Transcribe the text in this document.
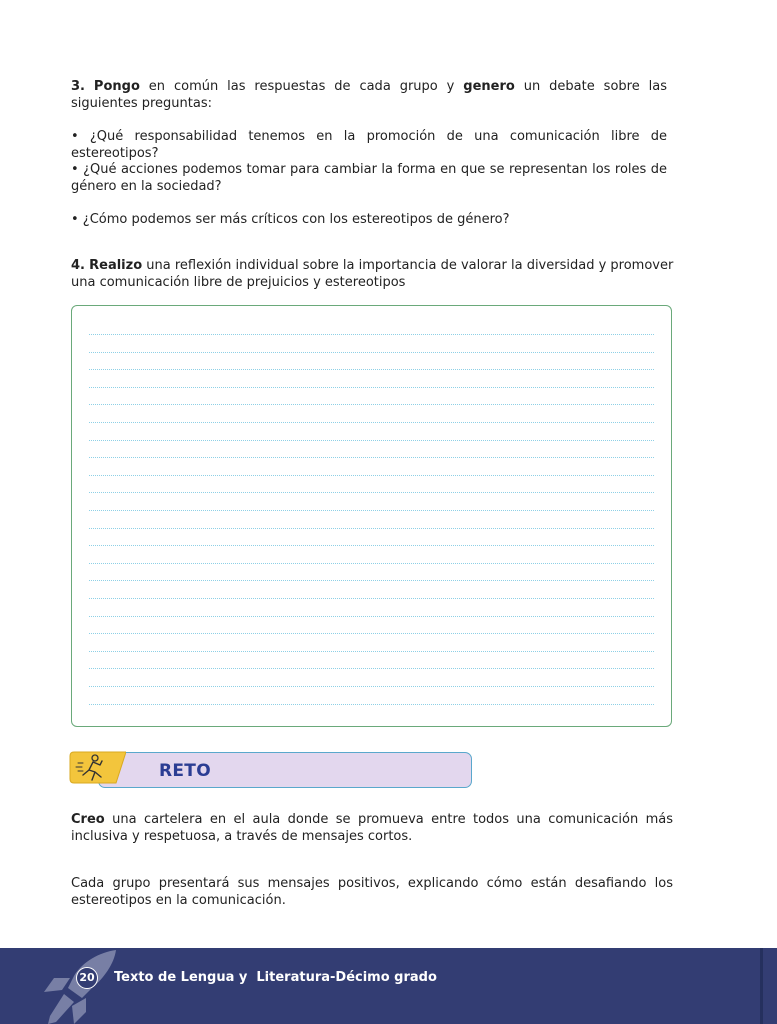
3. Pongo en común las respuestas de cada grupo y genero un debate sobre las siguientes preguntas:

• ¿Qué responsabilidad tenemos en la promoción de una comunicación libre de estereotipos?

• ¿Qué acciones podemos tomar para cambiar la forma en que se representan los roles de género en la sociedad?

• ¿Cómo podemos ser más críticos con los estereotipos de género?

4. Realizo una reflexión individual sobre la importancia de valorar la diversidad y promover una comunicación libre de prejuicios y estereotipos

RETO

Creo una cartelera en el aula donde se promueva entre todos una comunicación más inclusiva y respetuosa, a través de mensajes cortos.

Cada grupo presentará sus mensajes positivos, explicando cómo están desafiando los estereotipos en la comunicación.

20 Texto de Lengua y  Literatura-Décimo grado
